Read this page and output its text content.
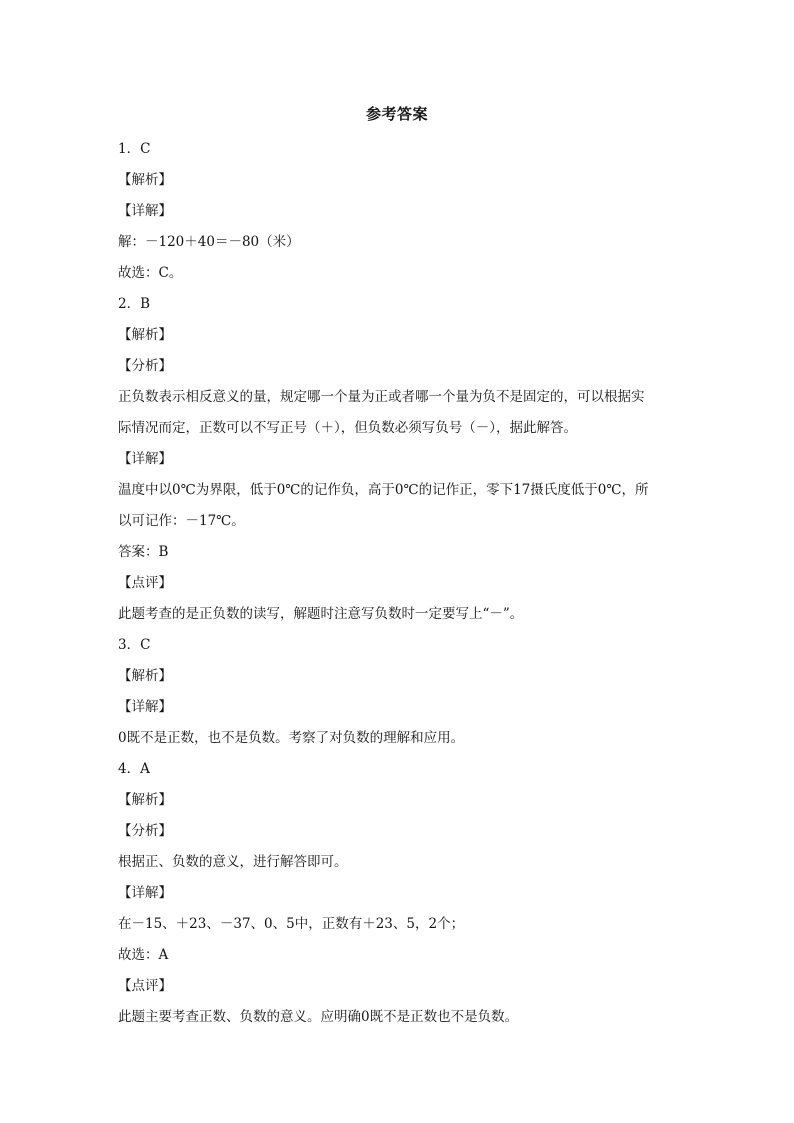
参考答案
1．C
【解析】
【详解】
解：－120＋40＝－80（米）
故选：C。
2．B
【解析】
【分析】
正负数表示相反意义的量，规定哪一个量为正或者哪一个量为负不是固定的，可以根据实
际情况而定，正数可以不写正号（＋），但负数必须写负号（－），据此解答。
【详解】
温度中以0℃为界限，低于0℃的记作负，高于0℃的记作正，零下17摄氏度低于0℃，所
以可记作：－17℃。
答案：B
【点评】
此题考查的是正负数的读写，解题时注意写负数时一定要写上“－”。
3．C
【解析】
【详解】
0既不是正数，也不是负数。考察了对负数的理解和应用。
4．A
【解析】
【分析】
根据正、负数的意义，进行解答即可。
【详解】
在－15、＋23、－37、0、5中，正数有＋23、5，2个；
故选：A
【点评】
此题主要考查正数、负数的意义。应明确0既不是正数也不是负数。
